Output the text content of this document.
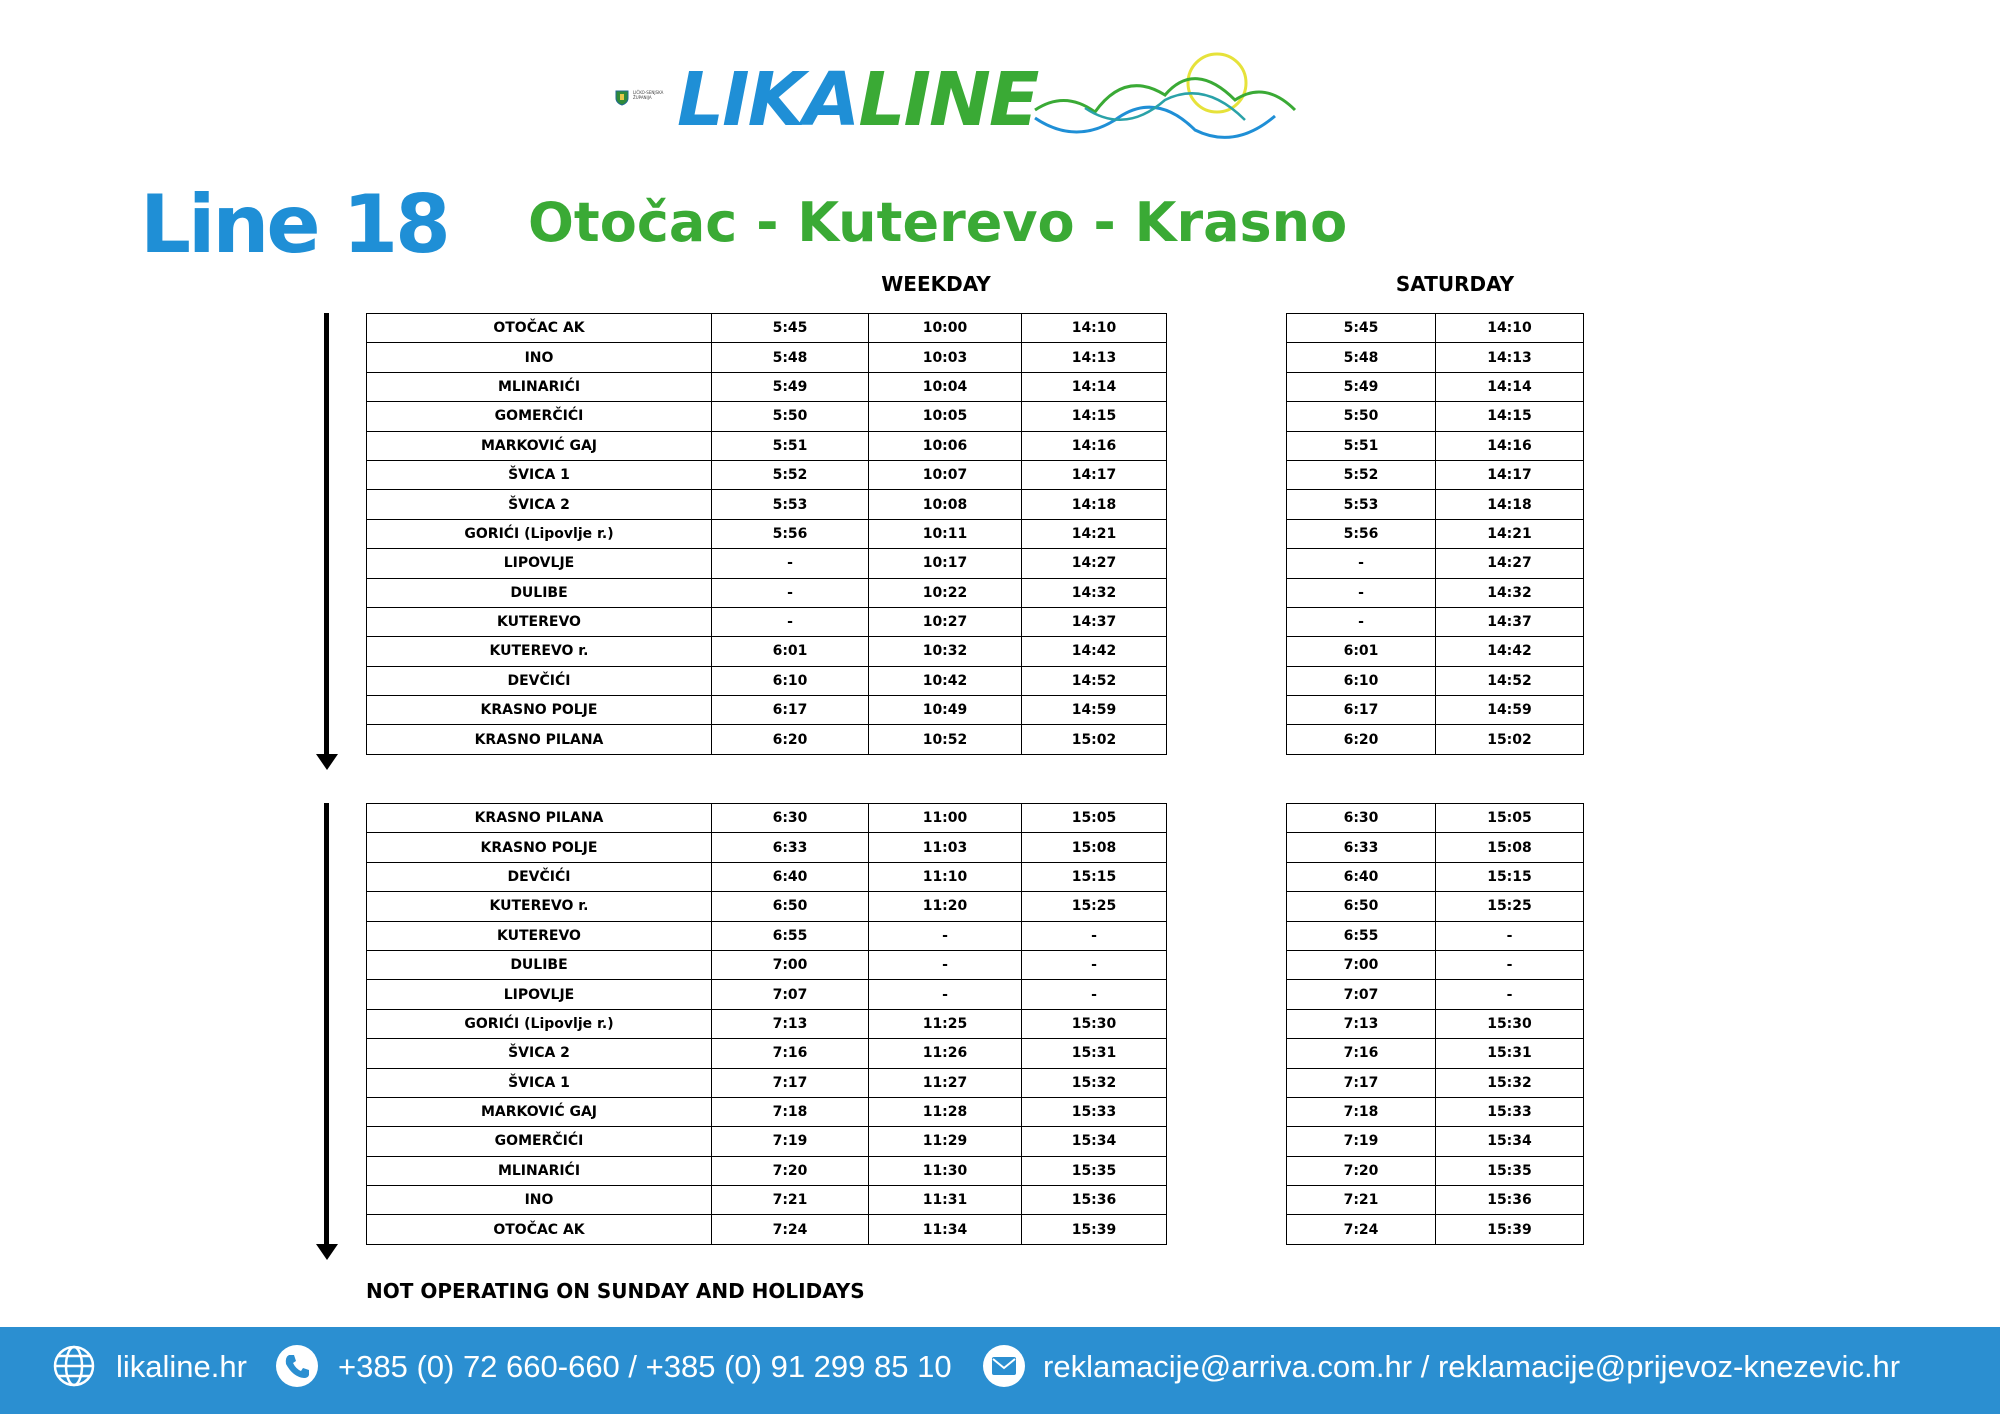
LIČKO-SENJSKA ŽUPANIJA LIKALINE
Line 18 Otočac - Kuterevo - Krasno
WEEKDAY	SATURDAY
OTOČAC AK	5:45	10:00	14:10
INO	5:48	10:03	14:13
MLINARIĆI	5:49	10:04	14:14
GOMERČIĆI	5:50	10:05	14:15
MARKOVIĆ GAJ	5:51	10:06	14:16
ŠVICA 1	5:52	10:07	14:17
ŠVICA 2	5:53	10:08	14:18
GORIĆI (Lipovlje r.)	5:56	10:11	14:21
LIPOVLJE	-	10:17	14:27
DULIBE	-	10:22	14:32
KUTEREVO	-	10:27	14:37
KUTEREVO r.	6:01	10:32	14:42
DEVČIĆI	6:10	10:42	14:52
KRASNO POLJE	6:17	10:49	14:59
KRASNO PILANA	6:20	10:52	15:02
5:45	14:10
5:48	14:13
5:49	14:14
5:50	14:15
5:51	14:16
5:52	14:17
5:53	14:18
5:56	14:21
-	14:27
-	14:32
-	14:37
6:01	14:42
6:10	14:52
6:17	14:59
6:20	15:02
KRASNO PILANA	6:30	11:00	15:05
KRASNO POLJE	6:33	11:03	15:08
DEVČIĆI	6:40	11:10	15:15
KUTEREVO r.	6:50	11:20	15:25
KUTEREVO	6:55	-	-
DULIBE	7:00	-	-
LIPOVLJE	7:07	-	-
GORIĆI (Lipovlje r.)	7:13	11:25	15:30
ŠVICA 2	7:16	11:26	15:31
ŠVICA 1	7:17	11:27	15:32
MARKOVIĆ GAJ	7:18	11:28	15:33
GOMERČIĆI	7:19	11:29	15:34
MLINARIĆI	7:20	11:30	15:35
INO	7:21	11:31	15:36
OTOČAC AK	7:24	11:34	15:39
6:30	15:05
6:33	15:08
6:40	15:15
6:50	15:25
6:55	-
7:00	-
7:07	-
7:13	15:30
7:16	15:31
7:17	15:32
7:18	15:33
7:19	15:34
7:20	15:35
7:21	15:36
7:24	15:39
NOT OPERATING ON SUNDAY AND HOLIDAYS
likaline.hr	+385 (0) 72 660-660 / +385 (0) 91 299 85 10	reklamacije@arriva.com.hr / reklamacije@prijevoz-knezevic.hr
